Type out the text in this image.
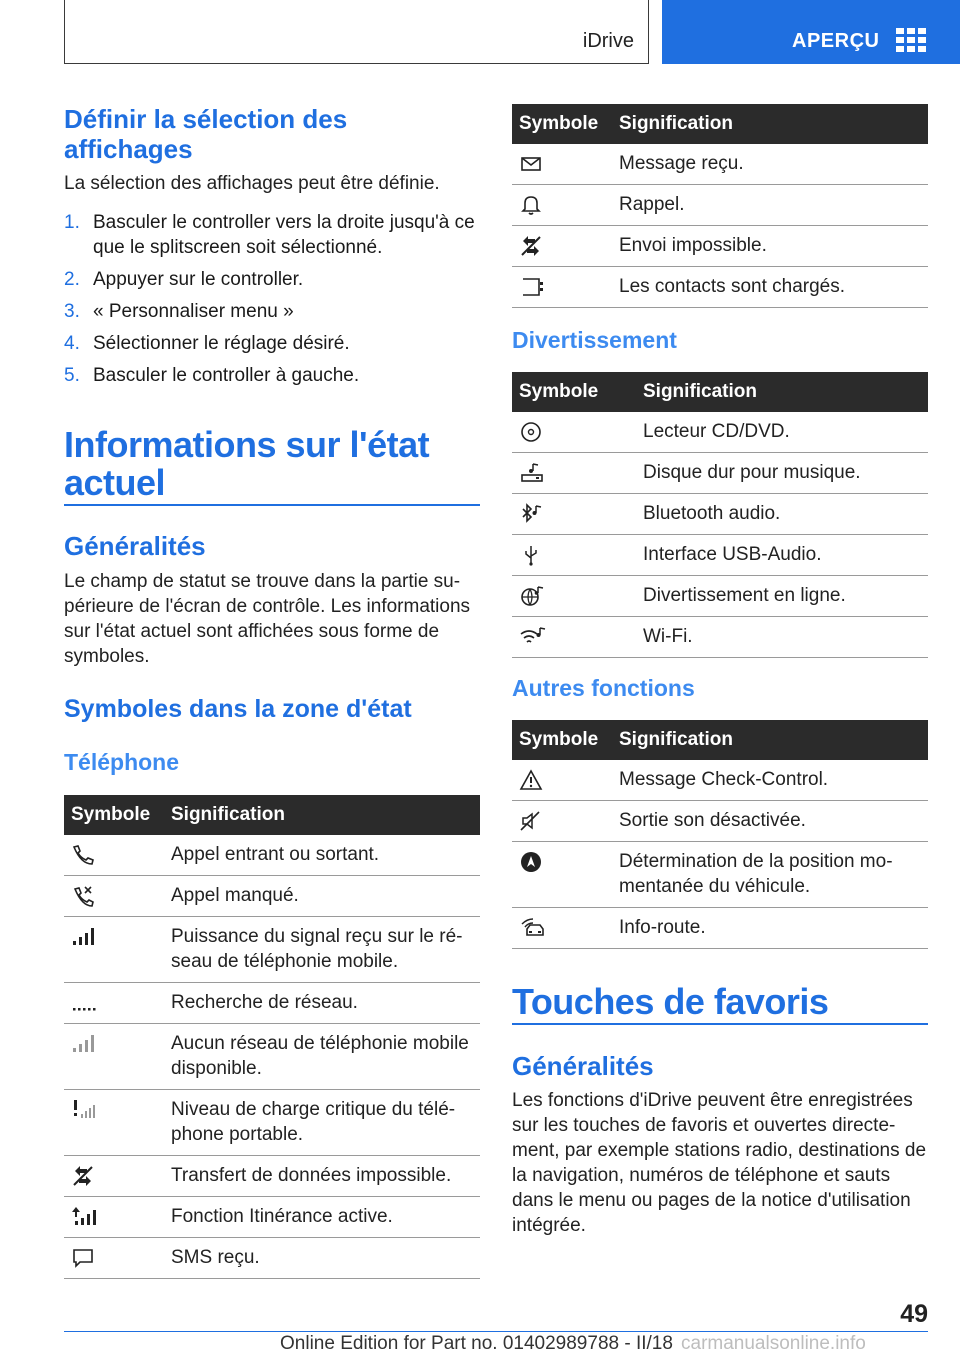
iDrive	APERÇU
Définir la sélection des affichages

La sélection des affichages peut être définie.

1. Basculer le controller vers la droite jusqu'à ce que le splitscreen soit sélectionné.
2. Appuyer sur le controller.
3. « Personnaliser menu »
4. Sélectionner le réglage désiré.
5. Basculer le controller à gauche.
Informations sur l'état actuel
Généralités

Le champ de statut se trouve dans la partie supérieure de l'écran de contrôle. Les informations sur l'état actuel sont affichées sous forme de symboles.

Symboles dans la zone d'état
Téléphone
Symbole	Signification

	Appel entrant ou sortant.

	Appel manqué.

	Puissance du signal reçu sur le réseau de téléphonie mobile.

	Recherche de réseau.

	Aucun réseau de téléphonie mobile disponible.

	Niveau de charge critique du téléphone portable.

	Transfert de données impossible.

	Fonction Itinérance active.

	SMS reçu.
Symbole	Signification

	Message reçu.

	Rappel.

	Envoi impossible.

	Les contacts sont chargés.
Divertissement
Symbole	Signification

	Lecteur CD/DVD.

	Disque dur pour musique.

	Bluetooth audio.

	Interface USB-Audio.

	Divertissement en ligne.

	Wi-Fi.
Autres fonctions
Symbole	Signification

	Message Check-Control.

	Sortie son désactivée.

	Détermination de la position momentanée du véhicule.

	Info-route.
Touches de favoris
Généralités

Les fonctions d'iDrive peuvent être enregistrées sur les touches de favoris et ouvertes directement, par exemple stations radio, destinations de la navigation, numéros de téléphone et sauts dans le menu ou pages de la notice d'utilisation intégrée.

49
Online Edition for Part no. 01402989788 - II/18 carmanualsonline.info
